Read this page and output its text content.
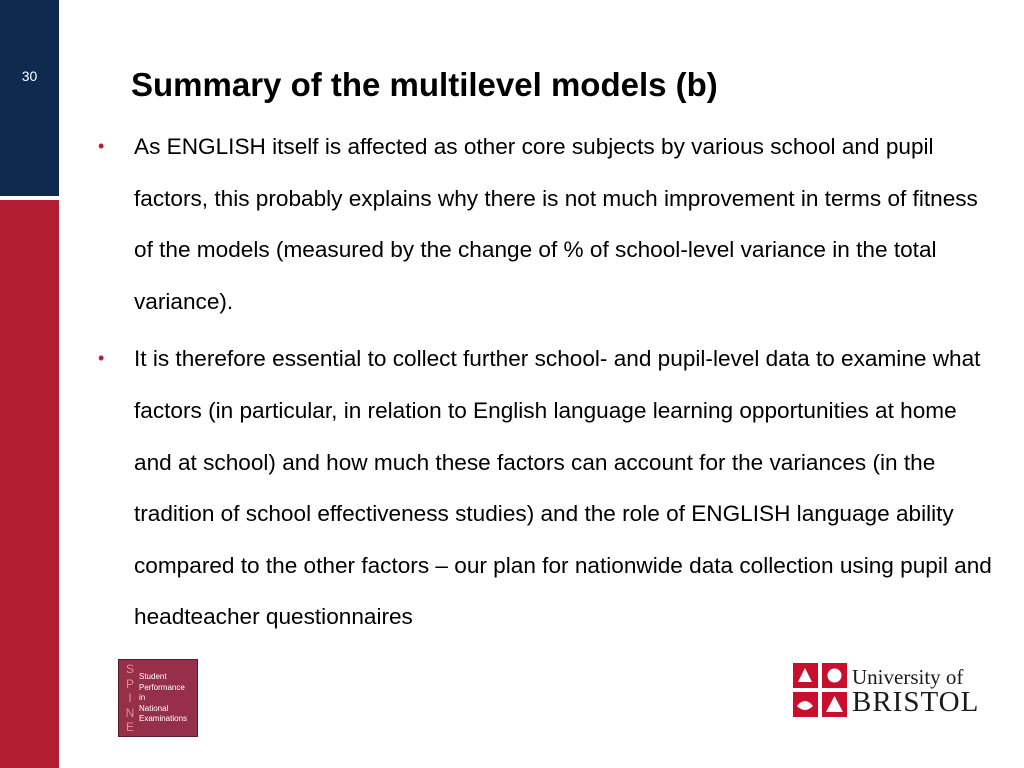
30	Summary of the multilevel models (b)
• As ENGLISH itself is affected as other core subjects by various school and pupil factors, this probably explains why there is not much improvement in terms of fitness of the models (measured by the change of % of school-level variance in the total variance).
• It is therefore essential to collect further school- and pupil-level data to examine what factors (in particular, in relation to English language learning opportunities at home and at school) and how much these factors can account for the variances (in the tradition of school effectiveness studies) and the role of ENGLISH language ability compared to the other factors – our plan for nationwide data collection using pupil and headteacher questionnaires
S
P
I
N
E
Student
Performance
in
National
Examinations
University of
BRISTOL
